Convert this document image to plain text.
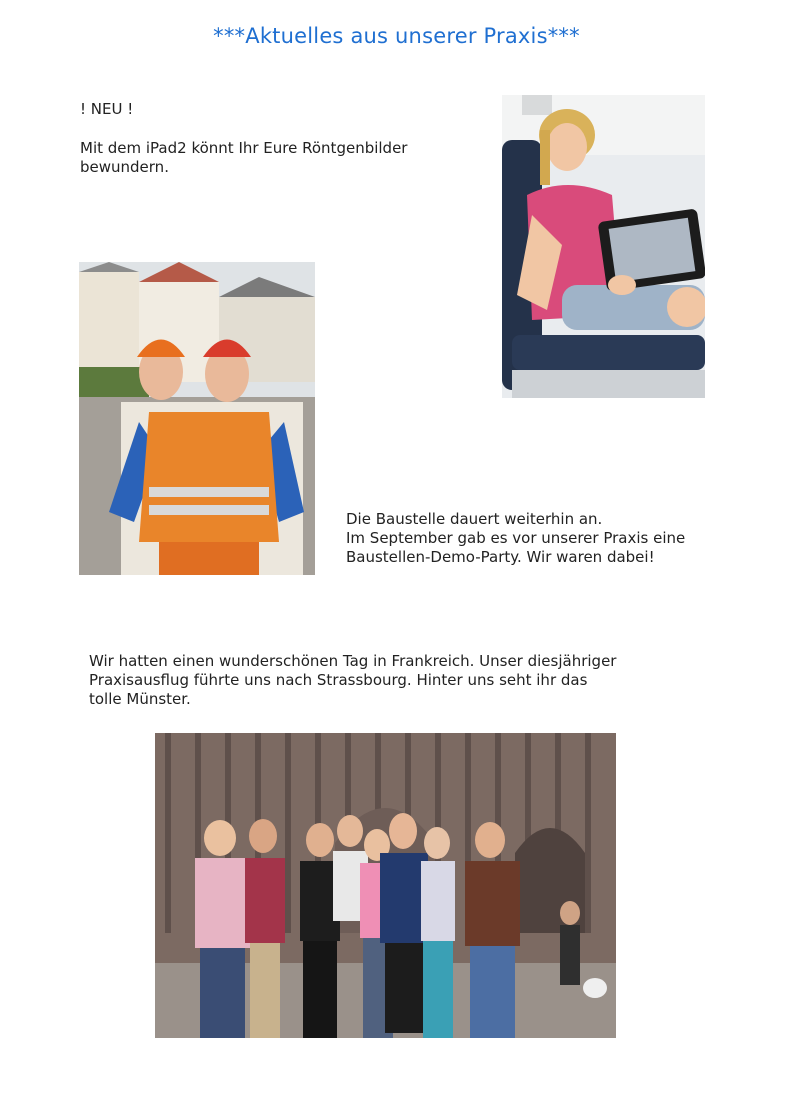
***Aktuelles aus unserer Praxis***
! NEU !
Mit dem iPad2 könnt Ihr Eure Röntgenbilder
bewundern.
Die Baustelle dauert weiterhin an.
Im September gab es vor unserer Praxis eine
Baustellen-Demo-Party. Wir waren dabei!
Wir hatten einen wunderschönen Tag in Frankreich. Unser diesjähriger
Praxisausflug führte uns nach Strassbourg. Hinter uns seht ihr das
tolle Münster.
